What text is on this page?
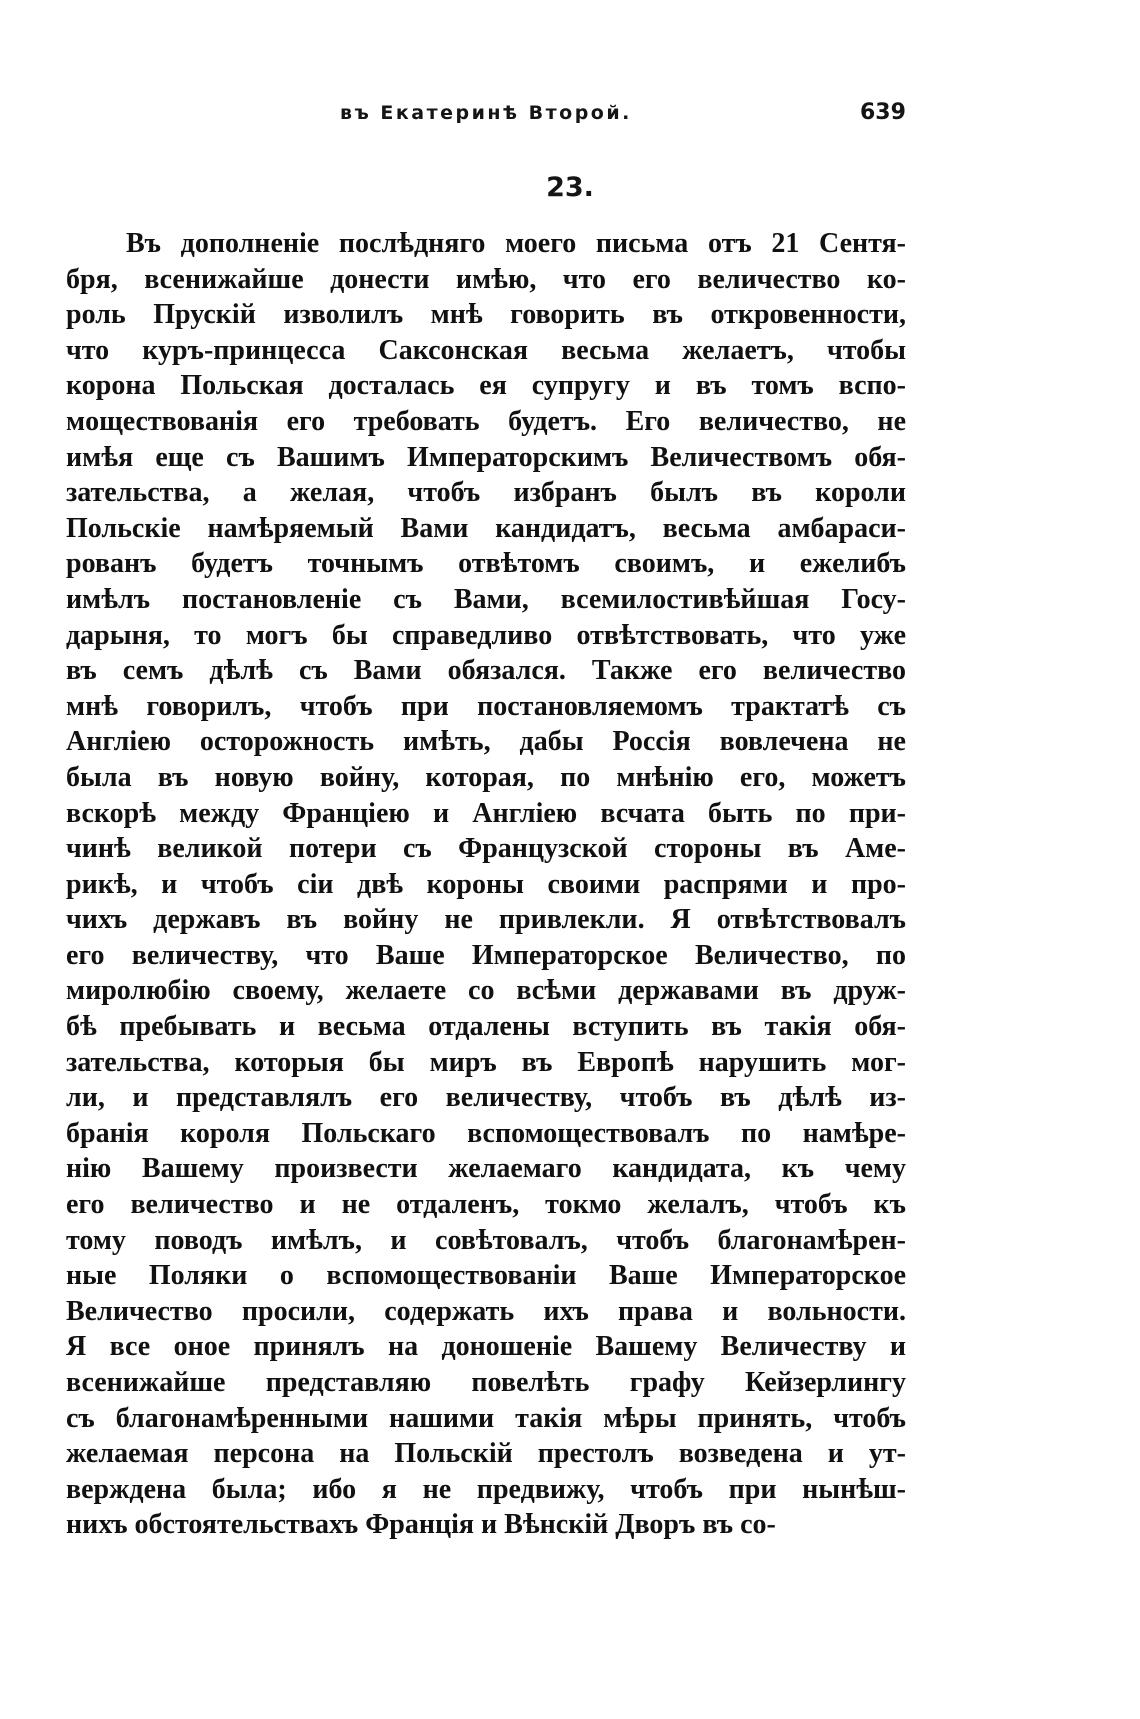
въ Екатеринѣ Второй.	639
23.
Въ дополненіе послѣдняго моего письма отъ 21 Сентя-
бря, всенижайше донести имѣю, что его величество ко-
роль Прускій изволилъ мнѣ говорить въ откровенности,
что куръ-принцесса Саксонская весьма желаетъ, чтобы
корона Польская досталась ея супругу и въ томъ вспо-
мoществованія его требовать будетъ. Его величество, не
имѣя еще съ Вашимъ Императорскимъ Величествомъ обя-
зательства, а желая, чтобъ избранъ былъ въ короли
Польскіе намѣряемый Вами кандидатъ, весьма амбараси-
рованъ будетъ точнымъ отвѣтомъ своимъ, и ежелибъ
имѣлъ постановленіе съ Вами, всемилостивѣйшая Госу-
дарыня, то могъ бы справедливо отвѣтствовать, что уже
въ семъ дѣлѣ съ Вами обязался. Также его величество
мнѣ говорилъ, чтобъ при постановляемомъ трактатѣ съ
Англіею осторожность имѣть, дабы Россія вовлечена не
была въ новую войну, которая, по мнѣнію его, можетъ
вскорѣ между Франціею и Англіею всчата быть по при-
чинѣ великой потери съ Французской стороны въ Аме-
рикѣ, и чтобъ сіи двѣ короны своими распрями и про-
чихъ державъ въ войну не привлекли. Я отвѣтствовалъ
его величеству, что Ваше Императорское Величество, по
миролюбію своему, желаете со всѣми державами въ друж-
бѣ пребывать и весьма отдалены вступить въ такія обя-
зательства, которыя бы миръ въ Европѣ нарушить мог-
ли, и представлялъ его величеству, чтобъ въ дѣлѣ из-
бранія короля Польскаго вспомоществовалъ по намѣре-
нію Вашему произвести желаемаго кандидата, къ чему
его величество и не отдаленъ, токмо желалъ, чтобъ къ
тому поводъ имѣлъ, и совѣтовалъ, чтобъ благонамѣрен-
ные Поляки о вспомоществованіи Ваше Императорское
Величество просили, содержать ихъ права и вольности.
Я все оное принялъ на доношеніе Вашему Величеству и
всенижайше представляю повелѣть графу Кейзерлингу
съ благонамѣренными нашими такія мѣры принять, чтобъ
желаемая персона на Польскій престолъ возведена и ут-
верждена была; ибо я не предвижу, чтобъ при нынѣш-
нихъ обстоятельствахъ Франція и Вѣнскій Дворъ въ со-
